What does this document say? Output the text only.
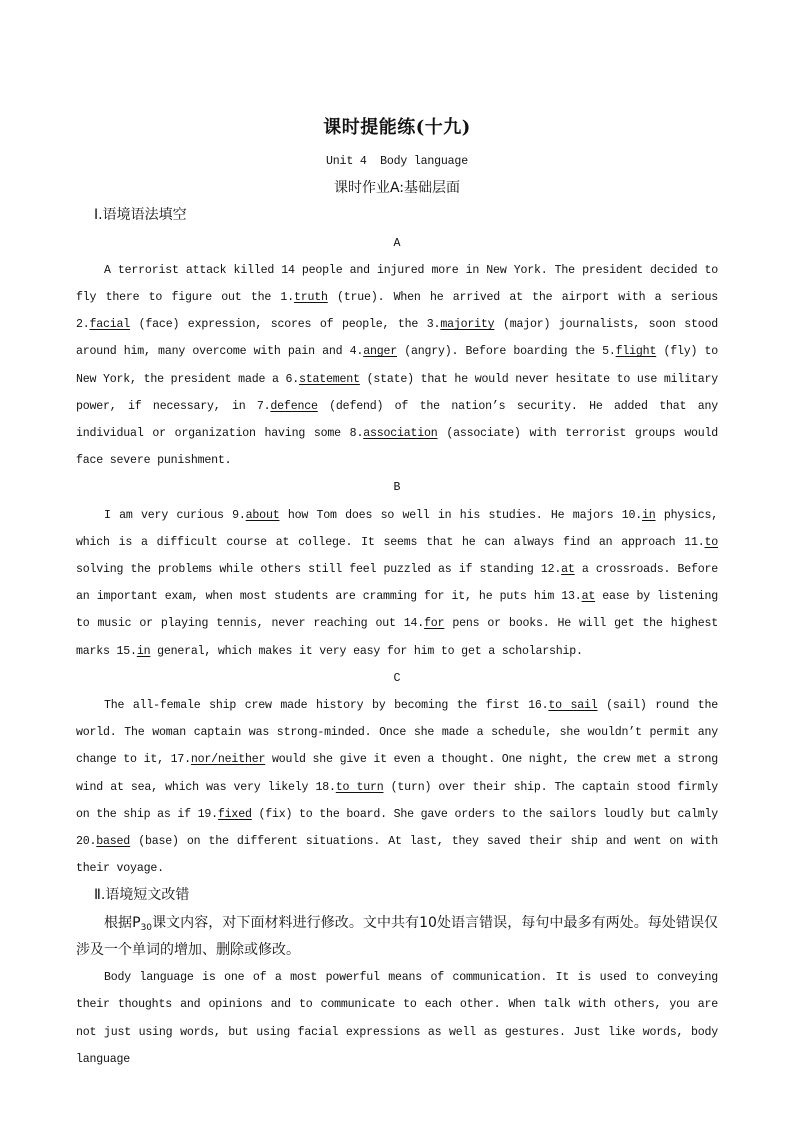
课时提能练(十九)
Unit 4  Body language
课时作业A:基础层面
Ⅰ.语境语法填空
A

A terrorist attack killed 14 people and injured more in New York. The president decided to fly there to figure out the 1.truth (true). When he arrived at the airport with a serious 2.facial (face) expression, scores of people, the 3.majority (major) journalists, soon stood around him, many overcome with pain and 4.anger (angry). Before boarding the 5.flight (fly) to New York, the president made a 6.statement (state) that he would never hesitate to use military power, if necessary, in 7.defence (defend) of the nation’s security. He added that any individual or organization having some 8.association (associate) with terrorist groups would face severe punishment.

B

I am very curious 9.about how Tom does so well in his studies. He majors 10.in physics, which is a difficult course at college. It seems that he can always find an approach 11.to solving the problems while others still feel puzzled as if standing 12.at a crossroads. Before an important exam, when most students are cramming for it, he puts him 13.at ease by listening to music or playing tennis, never reaching out 14.for pens or books. He will get the highest marks 15.in general, which makes it very easy for him to get a scholarship.

C

The all-female ship crew made history by becoming the first 16.to sail (sail) round the world. The woman captain was strong-minded. Once she made a schedule, she wouldn’t permit any change to it, 17.nor/neither would she give it even a thought. One night, the crew met a strong wind at sea, which was very likely 18.to turn (turn) over their ship. The captain stood firmly on the ship as if 19.fixed (fix) to the board. She gave orders to the sailors loudly but calmly 20.based (base) on the different situations. At last, they saved their ship and went on with their voyage.

Ⅱ.语境短文改错

根据$P_{30}$课文内容，对下面材料进行修改。文中共有10处语言错误，每句中最多有两处。每处错误仅涉及一个单词的增加、删除或修改。

Body language is one of a most powerful means of communication. It is used to conveying their thoughts and opinions and to communicate to each other. When talk with others, you are not just using words, but using facial expressions as well as gestures. Just like words, body language
